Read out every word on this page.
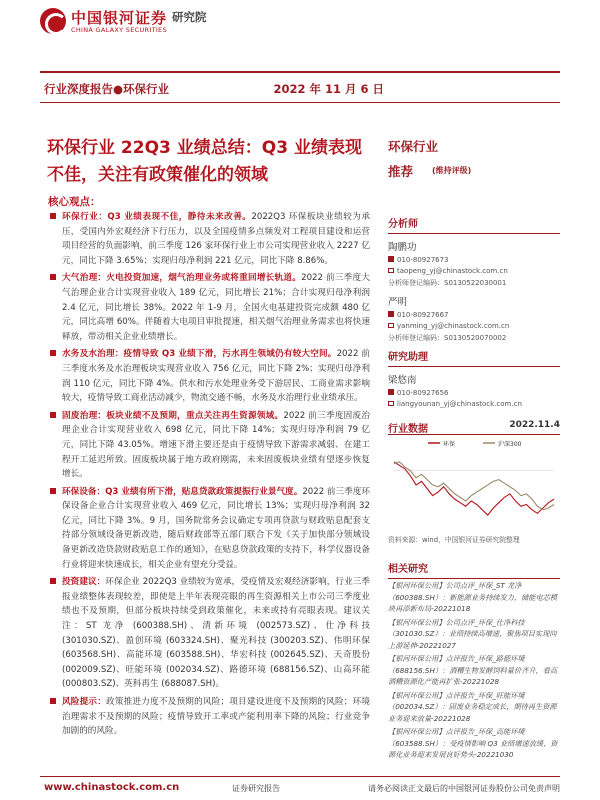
中国银河证券
CHINA GALAXY SECURITIES
研究院
行业深度报告●环保行业	2022 年 11 月 6 日
环保行业 22Q3 业绩总结：Q3 业绩表现不佳，关注有政策催化的领域
核心观点：
环保行业：Q3 业绩表现不佳，静待未来改善。2022Q3 环保板块业绩较为承压，受国内外宏观经济下行压力，以及全国疫情多点频发对工程项目建设和运营项目经营的负面影响，前三季度 126 家环保行业上市公司实现营业收入 2227 亿元，同比下降 3.65%；实现归母净利润 221 亿元，同比下降 8.86%。
大气治理：火电投资加速，烟气治理业务或将重回增长轨道。2022 前三季度大气治理企业合计实现营业收入 189 亿元，同比增长 21%；合计实现归母净利润 2.4 亿元，同比增长 38%。2022 年 1-9 月，全国火电基建投资完成额 480 亿元，同比高增 60%。伴随着大电项目审批提速，相关烟气治理业务需求也将快速释放，带动相关企业业绩增长。
水务及水治理：疫情导致 Q3 业绩下滑，污水再生领域仍有较大空间。2022 前三季度水务及水治理板块实现营业收入 756 亿元，同比下降 2%；实现归母净利润 110 亿元，同比下降 4%。供水和污水处理业务受下游居民、工商业需求影响较大，疫情导致工商业活动减少，物流交通不畅，水务及水治理行业业绩承压。
固废治理：板块业绩不及预期，重点关注再生资源领域。2022 前三季度固废治理企业合计实现营业收入 698 亿元，同比下降 14%；实现归母净利润 79 亿元，同比下降 43.05%。增速下滑主要还是由于疫情导致下游需求减弱、在建工程开工延迟所致。固废板块属于地方政府刚需，未来固废板块业绩有望逐步恢复增长。
环保设备：Q3 业绩有所下滑，贴息贷款政策提振行业景气度。2022 前三季度环保设备企业合计实现营业收入 469 亿元，同比增长 13%；实现归母净利润 32 亿元，同比下降 3%。9 月，国务院常务会议确定专项再贷款与财政贴息配套支持部分领域设备更新改造，随后财政部等五部门联合下发《关于加快部分领域设备更新改造贷款财政贴息工作的通知》，在贴息贷款政策的支持下，科学仪器设备行业将迎来快速成长，相关企业有望充分受益。
投资建议：环保企业 2022Q3 业绩较为宽承，受疫情及宏观经济影响，行业三季报业绩整体表现较差，即使是上半年表现亮眼的再生资源相关上市公司三季度业绩也不及预期，但部分板块持续受到政策催化，未来或持有亮眼表现。建议关注：ST 龙净 (600388.SH)、清新环境 (002573.SZ)、仕净科技 (301030.SZ)、盈创环境 (603324.SH)、聚光科技 (300203.SZ)、伟明环保 (603568.SH)、高能环境 (603588.SH)、华宏科技 (002645.SZ)、天奇股份 (002009.SZ)、旺能环境 (002034.SZ)、路德环境 (688156.SZ)、山高环能 (000803.SZ)、英科再生 (688087.SH)。
风险提示：政策推进力度不及预期的风险；项目建设进度不及预期的风险；环境治理需求不及预期的风险；疫情导致开工率或产能利用率下降的风险；行业竞争加剧的的风险。
环保行业
推荐	(维持评级)
分析师
陶鹏功
010-80927673
taopeng_yj@chinastock.com.cn
分析师登记编码：S0130522030001
严明
010-80927667
yanming_yj@chinastock.com.cn
分析师登记编码：S0130520070002
研究助理
梁悠南
010-80927656
liangyounan_yj@chinastock.com.cn
行业数据	2022.11.4
环保	沪深300
资料来源：wind，中国银河证券研究院整理
相关研究
【银河环保公用】公司点评_环保_ST 龙净（600388.SH）：新能源业务持续发力，储能电芯模块再添新布局-20221018
【银河环保公用】公司点评_环保_仕净科技（301030.SZ）：业绩持续高增速，聚焦项目实现向上游延伸-20221027
【银河环保公用】点评报告_环保_路德环境（688156.SH）：酒糟生物发酵饲料量价齐升，看高酒糟资源化产能再扩张-20221028
【银河环保公用】点评报告_环保_旺能环境（002034.SZ）：固废业务稳定成长，期待再生资源业务迎来放量-20221028
【银河环保公用】点评报告_环保_高能环境（603588.SH）：受疫情影响 Q3 业绩增速放缓，资源化业务迎来发展良好势头-20221030
www.chinastock.com.cn	证券研究报告	请务必阅读正文最后的中国银河证券股份公司免责声明
